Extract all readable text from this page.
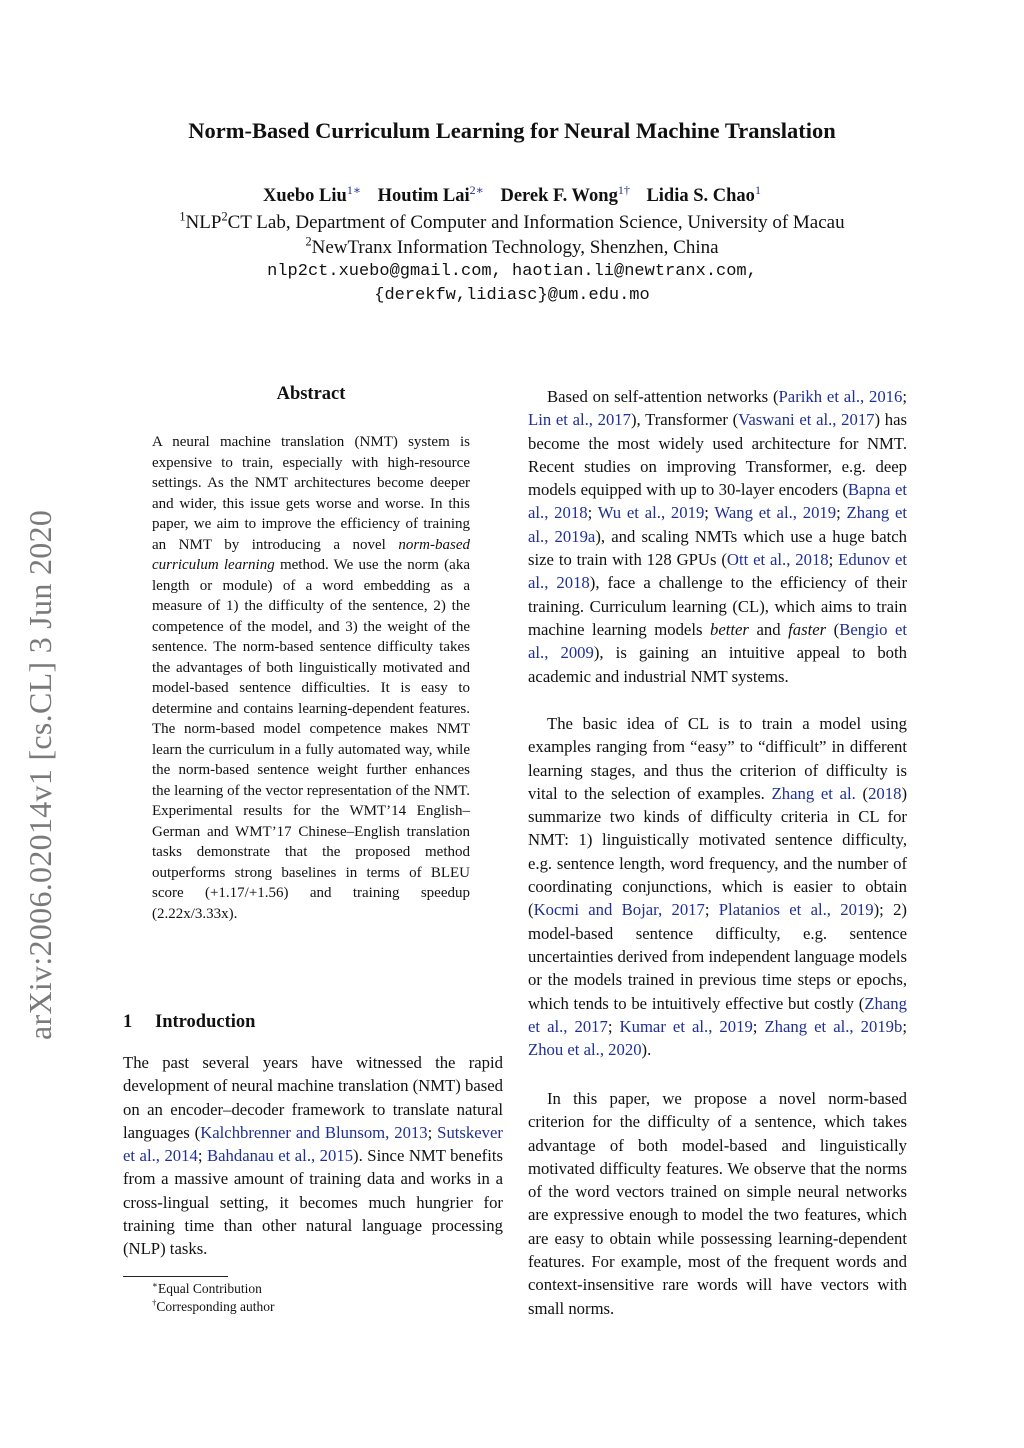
arXiv:2006.02014v1 [cs.CL] 3 Jun 2020
Norm-Based Curriculum Learning for Neural Machine Translation
Xuebo Liu$^{1∗}$ Houtim Lai$^{2∗}$ Derek F. Wong$^{1\dagger}$ Lidia S. Chao$^1$
$^1$NLP$^2$CT Lab, Department of Computer and Information Science, University of Macau
$^2$NewTranx Information Technology, Shenzhen, China
nlp2ct.xuebo@gmail.com, haotian.li@newtranx.com,
{derekfw,lidiasc}@um.edu.mo
Abstract
A neural machine translation (NMT) system is expensive to train, especially with high-resource settings. As the NMT architectures become deeper and wider, this issue gets worse and worse. In this paper, we aim to improve the efficiency of training an NMT by introducing a novel norm-based curriculum learning method. We use the norm (aka length or module) of a word embedding as a measure of 1) the difficulty of the sentence, 2) the competence of the model, and 3) the weight of the sentence. The norm-based sentence difficulty takes the advantages of both linguistically motivated and model-based sentence difficulties. It is easy to determine and contains learning-dependent features. The norm-based model competence makes NMT learn the curriculum in a fully automated way, while the norm-based sentence weight further enhances the learning of the vector representation of the NMT. Experimental results for the WMT’14 English–German and WMT’17 Chinese–English translation tasks demonstrate that the proposed method outperforms strong baselines in terms of BLEU score (+1.17/+1.56) and training speedup (2.22x/3.33x).
1 Introduction

The past several years have witnessed the rapid development of neural machine translation (NMT) based on an encoder–decoder framework to translate natural languages (Kalchbrenner and Blunsom, 2013; Sutskever et al., 2014; Bahdanau et al., 2015). Since NMT benefits from a massive amount of training data and works in a cross-lingual setting, it becomes much hungrier for training time than other natural language processing (NLP) tasks.

∗Equal Contribution
†Corresponding author

Based on self-attention networks (Parikh et al., 2016; Lin et al., 2017), Transformer (Vaswani et al., 2017) has become the most widely used architecture for NMT. Recent studies on improving Transformer, e.g. deep models equipped with up to 30-layer encoders (Bapna et al., 2018; Wu et al., 2019; Wang et al., 2019; Zhang et al., 2019a), and scaling NMTs which use a huge batch size to train with 128 GPUs (Ott et al., 2018; Edunov et al., 2018), face a challenge to the efficiency of their training. Curriculum learning (CL), which aims to train machine learning models better and faster (Bengio et al., 2009), is gaining an intuitive appeal to both academic and industrial NMT systems.

The basic idea of CL is to train a model using examples ranging from “easy” to “difficult” in different learning stages, and thus the criterion of difficulty is vital to the selection of examples. Zhang et al. (2018) summarize two kinds of difficulty criteria in CL for NMT: 1) linguistically motivated sentence difficulty, e.g. sentence length, word frequency, and the number of coordinating conjunctions, which is easier to obtain (Kocmi and Bojar, 2017; Platanios et al., 2019); 2) model-based sentence difficulty, e.g. sentence uncertainties derived from independent language models or the models trained in previous time steps or epochs, which tends to be intuitively effective but costly (Zhang et al., 2017; Kumar et al., 2019; Zhang et al., 2019b; Zhou et al., 2020).

In this paper, we propose a novel norm-based criterion for the difficulty of a sentence, which takes advantage of both model-based and linguistically motivated difficulty features. We observe that the norms of the word vectors trained on simple neural networks are expressive enough to model the two features, which are easy to obtain while possessing learning-dependent features. For example, most of the frequent words and context-insensitive rare words will have vectors with small norms.
